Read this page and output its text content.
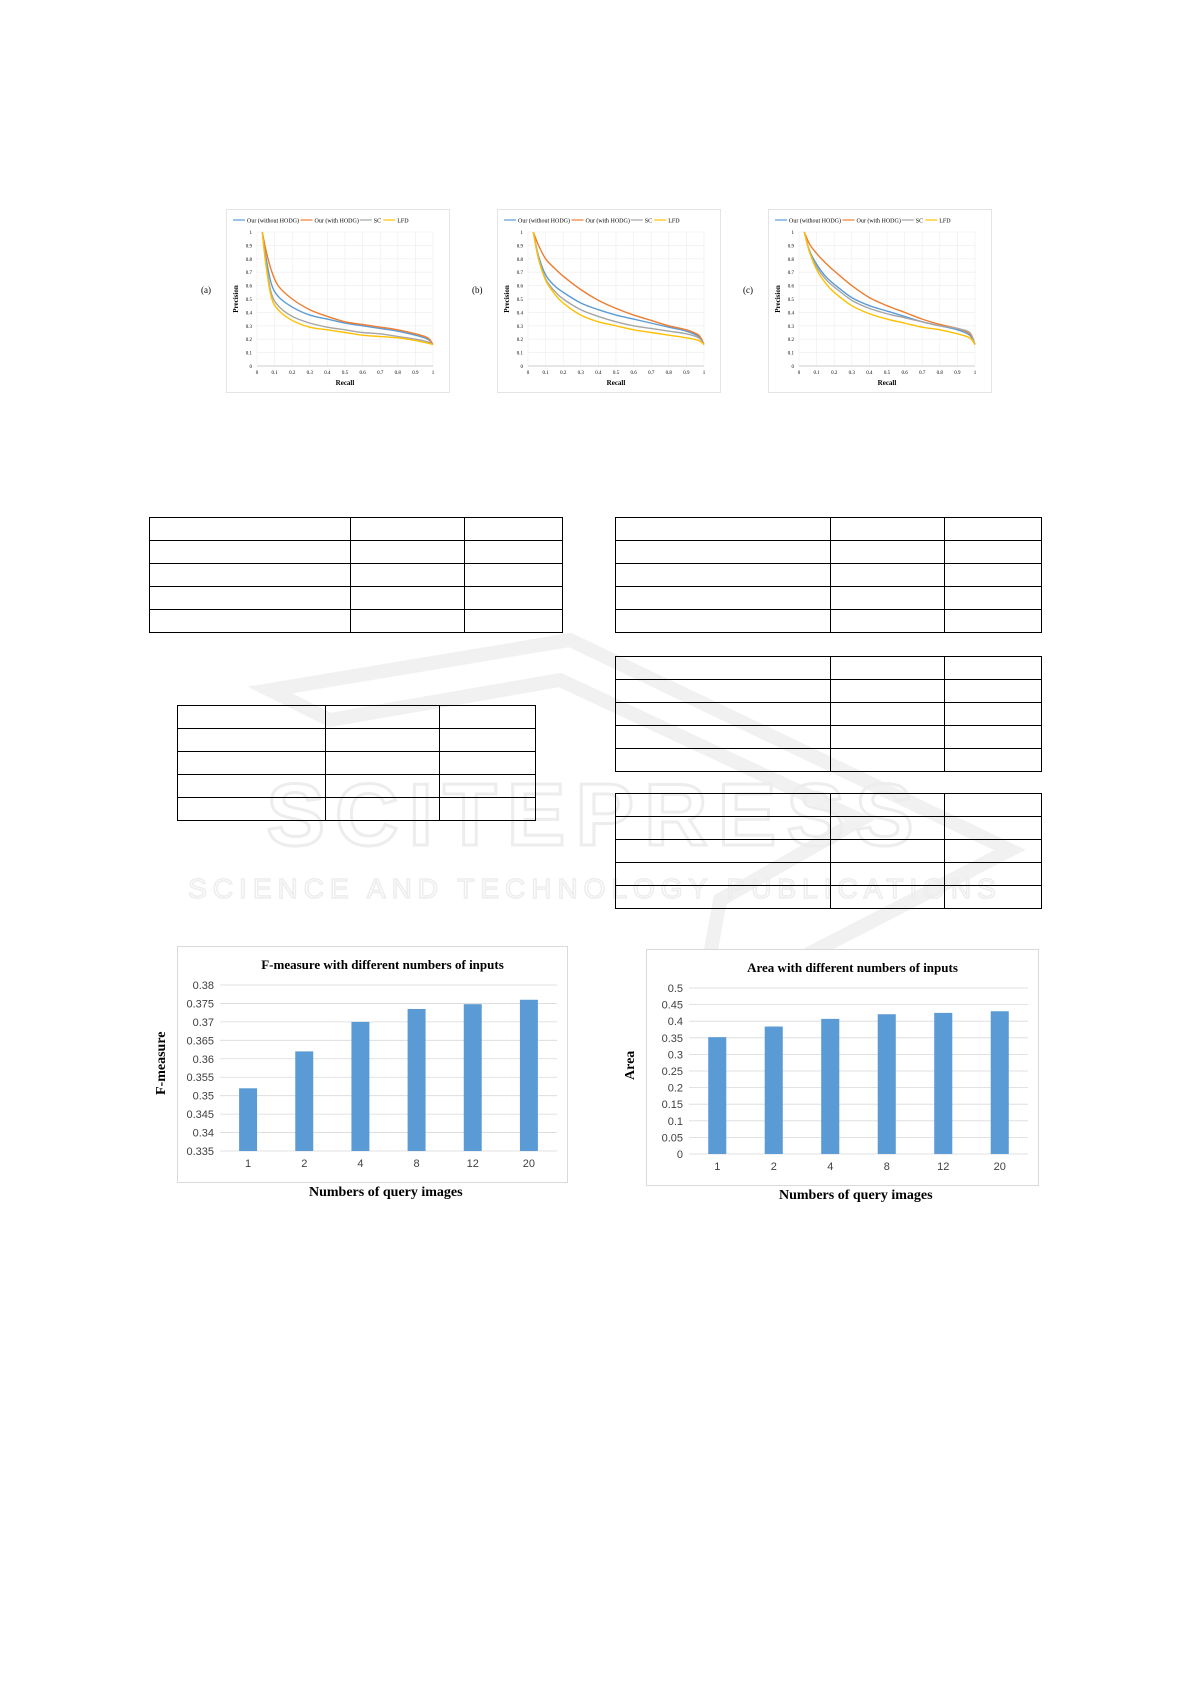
SCITEPRESS
SCIENCE AND TECHNOLOGY PUBLICATIONS
(a)
Our (without HODG)	Our (with HODG) SC	LFD
0	0.1 0.2 0.3 0.4 0.5 0.6 0.7 0.8 0.9	1
0
0.1
0.2
0.3
0.4
0.5
0.6
0.7
0.8
0.9
1
Recall
Precision	(b)
Our (without HODG)	Our (with HODG) SC	LFD
0	0.1 0.2 0.3 0.4 0.5 0.6 0.7 0.8 0.9	1
0
0.1
0.2
0.3
0.4
0.5
0.6
0.7
0.8
0.9
1
Recall
Precision	(c)
Our (without HODG)	Our (with HODG) SC	LFD
0	0.1 0.2 0.3 0.4 0.5 0.6 0.7 0.8 0.9	1
0
0.1
0.2
0.3
0.4
0.5
0.6
0.7
0.8
0.9
1
Recall
Precision

F-measure
F-measure with different numbers of inputs
0.335
0.34
0.345
0.35
0.355
0.36
0.365
0.37
0.375
0.38
1	2	4	8	12	20
Numbers of query images
Area
Area with different numbers of inputs
0
0.05
0.1
0.15
0.2
0.25
0.3
0.35
0.4
0.45
0.5
1	2	4	8	12	20
Numbers of query images
